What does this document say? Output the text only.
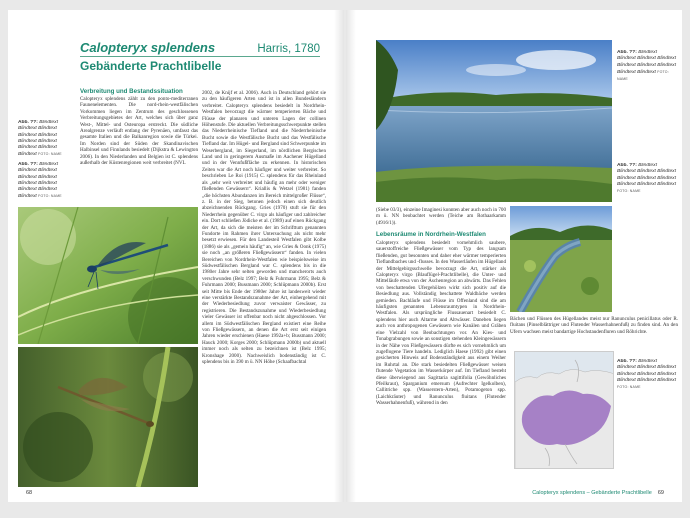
Calopteryx splendens	Harris, 1780
Gebänderte Prachtlibelle
Verbreitung und Bestandssituation
Abb. ??: Blindtext Blindtext Blindtext Blindtext Blindtext Blindtext Blindtext Blindtext Blindtext Blindtext FOTO: NAME
Abb. ??: Blindtext Blindtext Blindtext Blindtext Blindtext Blindtext Blindtext Blindtext Blindtext Blindtext FOTO: NAME

Calopteryx splendens zählt zu den ponto-mediterranen Faunenelementen. Die nord-rhein-westfälischen Vorkommen liegen im Zentrum des geschlossenen Verbreitungsgebietes der Art, welches sich über ganz West-, Mittel- und Osteuropa erstreckt. Die südliche Arealgrenze verläuft entlang der Pyrenäen, umfasst das gesamte Italien und die Balkanregion sowie die Türkei. Im Norden sind der Süden der Skandinavischen Halbinsel und Finnlands besiedelt (Dijkstra & Lewington 2006). In den Niederlanden und Belgien ist C. splendens außerhalb der Küstenregionen weit verbreitet (NVL

2002, de Knijf et al. 2006). Auch in Deutschland gehört sie zu den häufigeren Arten und ist in allen Bundesländern verbreitet. Calopteryx splendens besiedelt in Nordrhein-Westfalen bevorzugt die wärmer temperierten Bäche und Flüsse der planaren und unteren Lagen der collinen Höhenstufe. Die aktuellen Verbreitungsschwerpunkte stellen das Niederrheinische Tiefland und die Niederrheinische Bucht sowie die Westfälische Bucht und das Westfälische Tiefland dar. Im Hügel- und Bergland sind Schwerpunkte im Weserbergland, im Siegerland, im nördlichen Bergischen Land und in geringerem Ausmaße im Aachener Hügelland und in der Vennfußfläche zu erkennen. In historischen Zeiten war die Art noch häufiger und weiter verbreitet. So beschrieben Le Roi (1915) C. splendens für das Rheinland als „sehr weit verbreitet und häufig an mehr oder weniger fließenden Gewässern“. Kriallis & Wetzel (1981) fanden „die höchsten Abundanzen im Bereich mittelgroßer Flüsse“, z. B. in der Sieg, betonen jedoch einen sich deutlich abzeichnenden Rückgang. Gries (1970) stuft sie für den Niederrhein gegenüber C. virgo als häufiger und zahlreicher ein. Dort schließen Jödicke et al. (1989) auf einen Rückgang der Art, da sich die meisten der im Schrifttum genannten Fundorte im Rahmen ihrer Untersuchung als nicht mehr besetzt erwiesen. Für den Landesteil Westfalen gibt Kolbe (1886) sie als „gemein häufig“ an, wie Gries & Oonk (1975) sie noch „an größeren Fließgewässern“ fanden. In vielen Bereichen von Nordrhein-Westfalen wie beispielsweise im Südwestfälischen Bergland war C. splendens bis in die 1980er Jahre sehr selten geworden und mancherorts auch verschwunden (Belz 1997; Belz & Fuhrmann 1995; Belz & Fuhrmann 2000; Bussmann 2000; Schlüpmann 2000b). Erst seit Mitte bis Ende der 1980er Jahre ist landesweit wieder eine verstärkte Bestandszunahme der Art, einhergehend mit der Wiederbesiedlung zuvor verwaister Gewässer, zu registrieren. Die Bestandszunahme und Wiederbesiedlung vieler Gewässer ist offenbar noch nicht abgeschlossen. Vor allem im Südwestfälischen Bergland existiert eine Reihe von Fließgewässern, an denen die Art erst seit einigen Jahren wieder erschienen (Haese 1992a+b; Bussmann 2000; Hauck 2000; Korges 2000; Schlüpmann 2000b) und aktuell immer noch als selten zu bezeichnen ist (Belz 1995; Kronshage 2000). Nachweislich bodenständig ist C. splendens bis in 390 m ü. NN Höhe (Schaafbachtal

68
Abb. ??: Blindtext Blindtext Blindtext Blindtext Blindtext Blindtext Blindtext Blindtext Blindtext FOTO: NAME
Abb. ??: Blindtext Blindtext Blindtext Blindtext Blindtext Blindtext Blindtext Blindtext Blindtext Blindtext FOTO: NAME

(Siebe 03/3), einzeine Imaginesi konnten aber auch noch in 700 m ü. NN beobachtet werden (Teiche am Rothaarkamm (4916/1)).

Lebensräume in Nordrhein-Westfalen

Calopteryx splendens besiedelt vornehmlich saubere, sauerstoffreiche Fließgewässer vom Typ des langsam fließenden, gut besonnten und daher eher wärmer temperierten Tieflandbaches und -flusses. In den Wasserläufen im Hügelland der Mittelgebirgsschwelle bevorzugt die Art, stärker als Calopteryx virgo (Blauflügel-Prachtlibelle), die Unter- und Mittelläufe etwa von der Äschenregion an abwärts. Das Fehlen von beschattenden Ufergehölzen wirkt sich positiv auf die Besiedlung aus. Vollständig beschattete Waldbäche werden gemieden. Bachläufe und Flüsse im Offenland sind die am häufigsten genannten Lebensraumtypen in Nordrhein-Westfalen. Als ursprüngliche Flussauenart besiedelt C. splendens hier auch Altarme und Altwässer. Daneben liegen auch von anthropogenen Gewässern wie Kanälen und Gräben eine Vielzahl von Beobachtungen vor. An Kies- und Tonabgrabungen sowie an sonstigen stehenden Kleingewässern in der Nähe von Fließgewässern dürfte es sich vornehmlich um zugeflogene Tiere handeln. Lediglich Haese (1992) gibt einen gesicherten Hinweis auf Bodenständigkeit aus einem Weiher im Ruhrtal an. Die stark besiedelten Fließgewässer weisen flutende Vegetation im Wasserkörper auf. Im Tiefland besteht diese überwiegend aus Sagittaria sagittifolia (Gewöhnliches Pfeilkraut), Sparganium emersum (Aufrechter Igelkolben), Callitriche spp. (Wasserstern-Arten), Potamogeton spp. (Laichkräuter) und Ranunculus fluitans (Flutender Wasserhahnenfuß), während in den

Bächen und Flüssen des Hügellandes meist nur Ranunculus penicillatus oder R. fluitans (Pinselblättriger und Flutender Wasserhahnenfuß) zu finden sind. An den Ufern wachsen meist bandartige Hochstaudenfluren und Röhrichte.

Abb. ??: Blindtext Blindtext Blindtext Blindtext Blindtext Blindtext Blindtext Blindtext Blindtext Blindtext FOTO: NAME
Calopteryx splendens – Gebänderte Prachtlibelle 69
